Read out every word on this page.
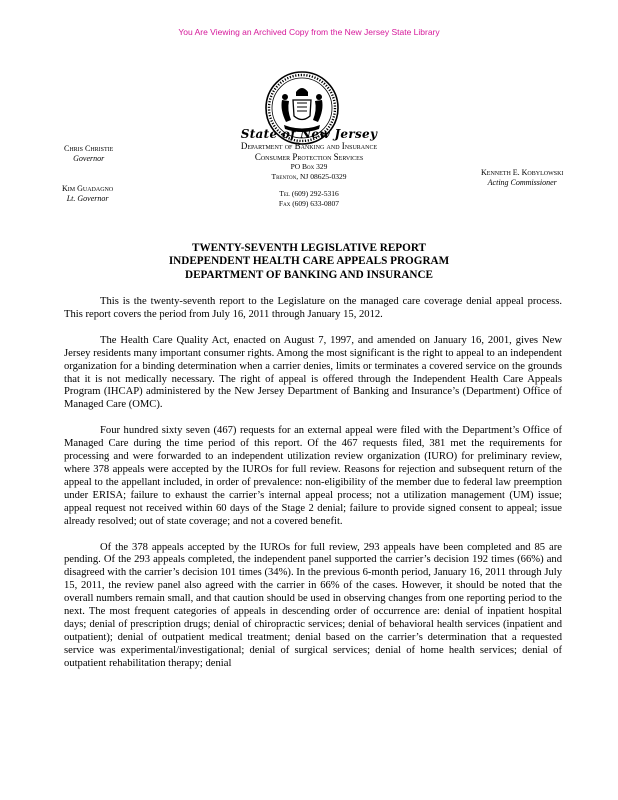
You Are Viewing an Archived Copy from the New Jersey State Library
State of New Jersey
Department of Banking and Insurance
Consumer Protection Services
PO Box 329
Trenton, NJ 08625-0329
Tel (609) 292-5316
Fax (609) 633-0807
Chris Christie
Governor
Kim Guadagno
Lt. Governor
Kenneth E. Kobylowski
Acting Commissioner
TWENTY-SEVENTH LEGISLATIVE REPORT
INDEPENDENT HEALTH CARE APPEALS PROGRAM
DEPARTMENT OF BANKING AND INSURANCE

This is the twenty-seventh report to the Legislature on the managed care coverage denial appeal process. This report covers the period from July 16, 2011 through January 15, 2012.

The Health Care Quality Act, enacted on August 7, 1997, and amended on January 16, 2001, gives New Jersey residents many important consumer rights. Among the most significant is the right to appeal to an independent organization for a binding determination when a carrier denies, limits or terminates a covered service on the grounds that it is not medically necessary. The right of appeal is offered through the Independent Health Care Appeals Program (IHCAP) administered by the New Jersey Department of Banking and Insurance’s (Department) Office of Managed Care (OMC).

Four hundred sixty seven (467) requests for an external appeal were filed with the Department’s Office of Managed Care during the time period of this report. Of the 467 requests filed, 381 met the requirements for processing and were forwarded to an independent utilization review organization (IURO) for preliminary review, where 378 appeals were accepted by the IUROs for full review. Reasons for rejection and subsequent return of the appeal to the appellant included, in order of prevalence: non-eligibility of the member due to federal law preemption under ERISA; failure to exhaust the carrier’s internal appeal process; not a utilization management (UM) issue; appeal request not received within 60 days of the Stage 2 denial; failure to provide signed consent to appeal; issue already resolved; out of state coverage; and not a covered benefit.

Of the 378 appeals accepted by the IUROs for full review, 293 appeals have been completed and 85 are pending. Of the 293 appeals completed, the independent panel supported the carrier’s decision 192 times (66%) and disagreed with the carrier’s decision 101 times (34%). In the previous 6-month period, January 16, 2011 through July 15, 2011, the review panel also agreed with the carrier in 66% of the cases. However, it should be noted that the overall numbers remain small, and that caution should be used in observing changes from one reporting period to the next. The most frequent categories of appeals in descending order of occurrence are: denial of inpatient hospital days; denial of prescription drugs; denial of chiropractic services; denial of behavioral health services (inpatient and outpatient); denial of outpatient medical treatment; denial based on the carrier’s determination that a requested service was experimental/investigational; denial of surgical services; denial of home health services; denial of outpatient rehabilitation therapy; denial
